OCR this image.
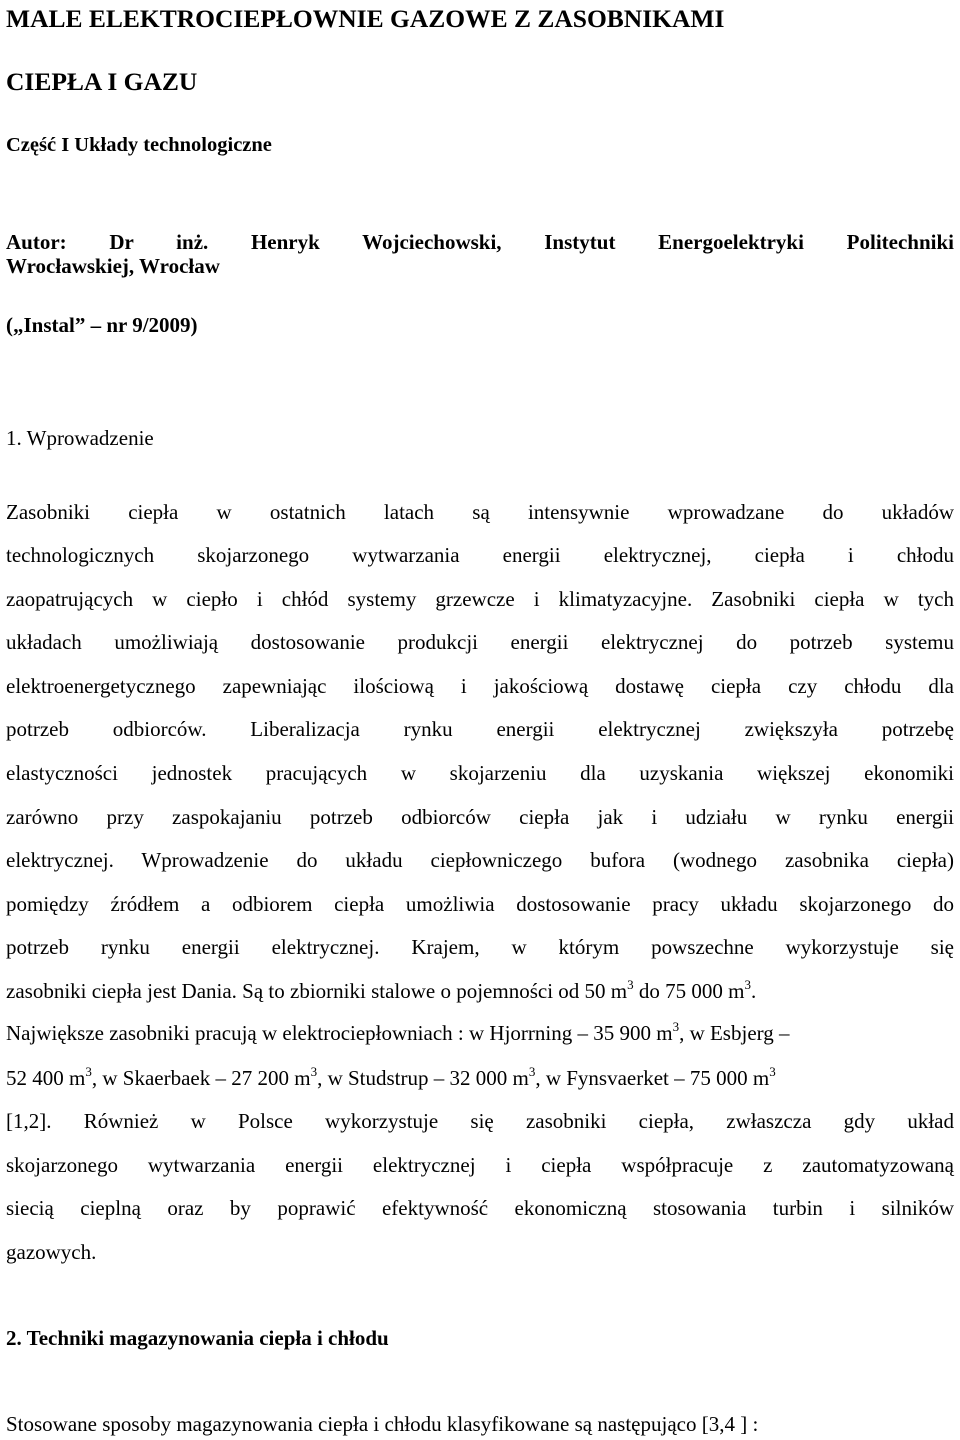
MALE ELEKTROCIEPŁOWNIE GAZOWE Z ZASOBNIKAMI
CIEPŁA I GAZU
Część I Układy technologiczne
Autor: Dr inż. Henryk Wojciechowski, Instytut Energoelektryki Politechniki
Wrocławskiej, Wrocław
(„Instal” – nr 9/2009)
1. Wprowadzenie
Zasobniki ciepła w ostatnich latach są intensywnie wprowadzane do układów
technologicznych skojarzonego wytwarzania energii elektrycznej, ciepła i chłodu
zaopatrujących w ciepło i chłód systemy grzewcze i klimatyzacyjne. Zasobniki ciepła w tych
układach umożliwiają dostosowanie produkcji energii elektrycznej do potrzeb systemu
elektroenergetycznego zapewniając ilościową i jakościową dostawę ciepła czy chłodu dla
potrzeb odbiorców. Liberalizacja rynku energii elektrycznej zwiększyła potrzebę
elastyczności jednostek pracujących w skojarzeniu dla uzyskania większej ekonomiki
zarówno przy zaspokajaniu potrzeb odbiorców ciepła jak i udziału w rynku energii
elektrycznej. Wprowadzenie do układu ciepłowniczego bufora (wodnego zasobnika ciepła)
pomiędzy źródłem a odbiorem ciepła umożliwia dostosowanie pracy układu skojarzonego do
potrzeb rynku energii elektrycznej. Krajem, w którym powszechne wykorzystuje się
zasobniki ciepła jest Dania. Są to zbiorniki stalowe o pojemności od 50 $m^3$ do 75 000 $m^3$.
Największe zasobniki pracują w elektrociepłowniach : w Hjorrning – 35 900 $m^3$, w Esbjerg –
52 400 $m^3$, w Skaerbaek – 27 200 $m^3$, w Studstrup – 32 000 $m^3$, w Fynsvaerket – 75 000 $m^3$
[1,2]. Również w Polsce wykorzystuje się zasobniki ciepła, zwłaszcza gdy układ
skojarzonego wytwarzania energii elektrycznej i ciepła współpracuje z zautomatyzowaną
siecią cieplną oraz by poprawić efektywność ekonomiczną stosowania turbin i silników
gazowych.
2. Techniki magazynowania ciepła i chłodu
Stosowane sposoby magazynowania ciepła i chłodu klasyfikowane są następująco [3,4 ] :
